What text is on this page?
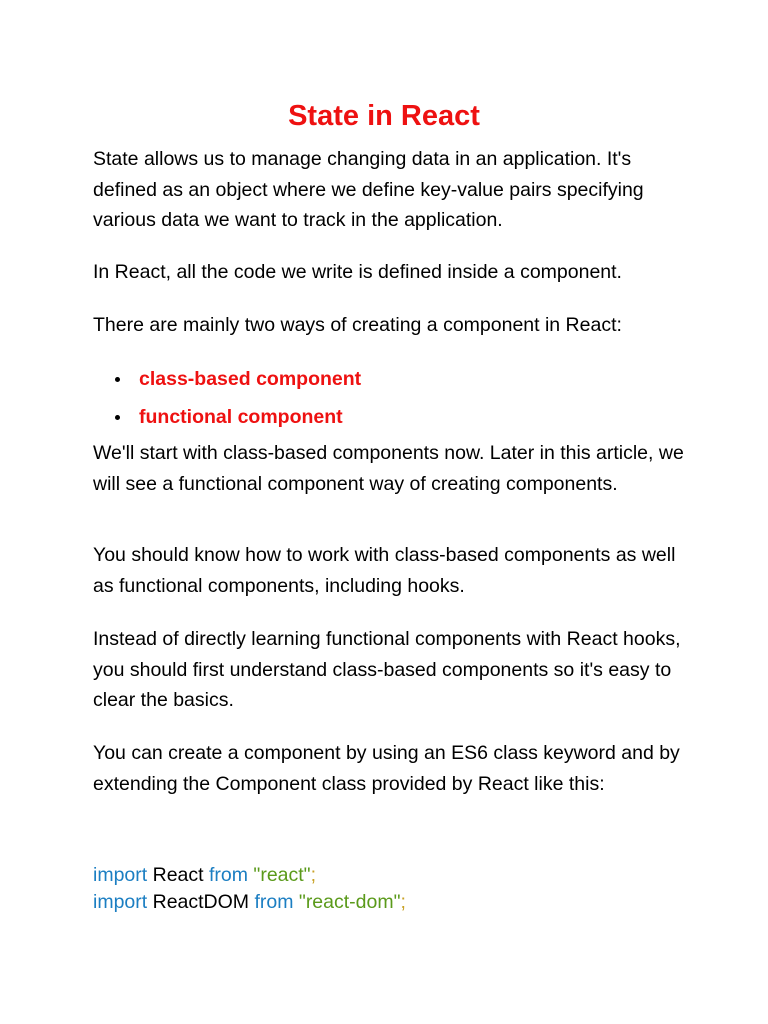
State in React

State allows us to manage changing data in an application. It's defined as an object where we define key-value pairs specifying various data we want to track in the application.

In React, all the code we write is defined inside a component.

There are mainly two ways of creating a component in React:

class-based component
functional component

We'll start with class-based components now. Later in this article, we will see a functional component way of creating components.

You should know how to work with class-based components as well as functional components, including hooks.

Instead of directly learning functional components with React hooks, you should first understand class-based components so it's easy to clear the basics.

You can create a component by using an ES6 class keyword and by extending the Component class provided by React like this:

import React from "react";
import ReactDOM from "react-dom";
